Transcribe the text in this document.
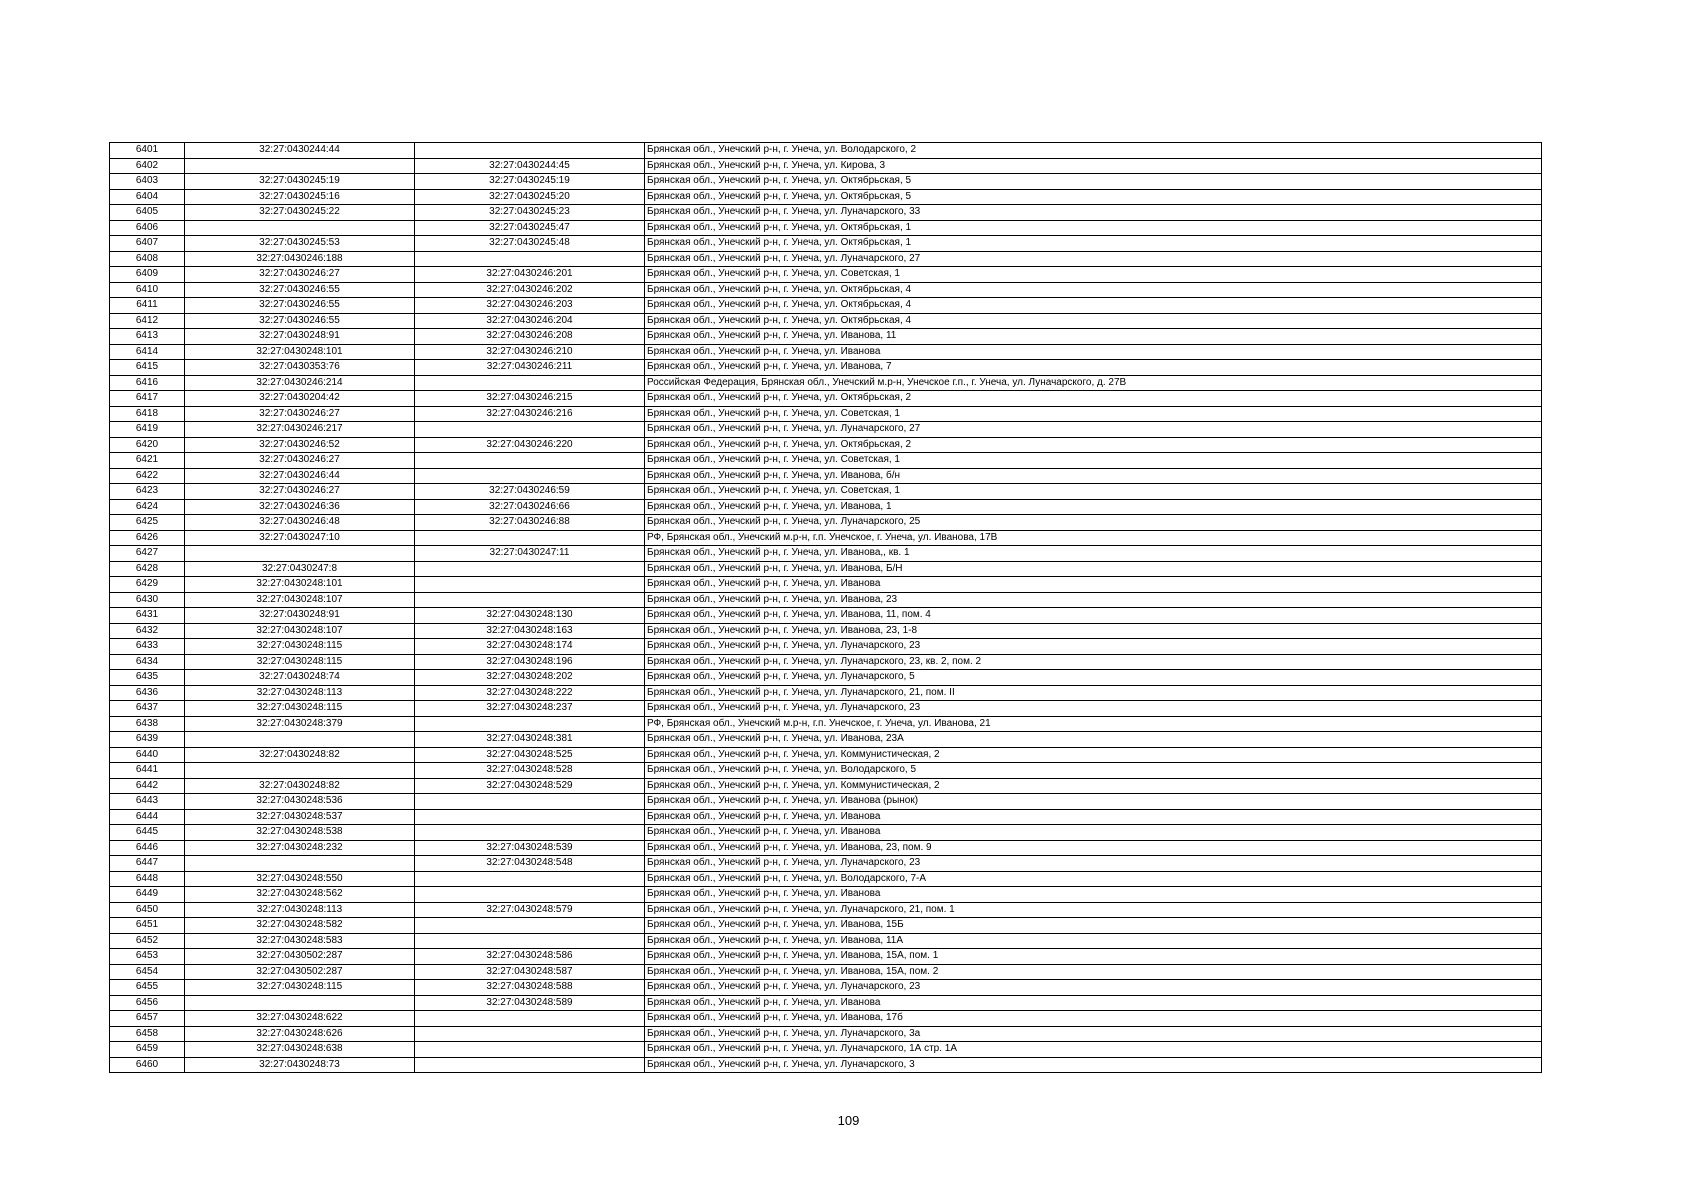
6401	32:27:0430244:44		Брянская обл., Унечский р-н, г. Унеча, ул. Володарского, 2
6402		32:27:0430244:45	Брянская обл., Унечский р-н, г. Унеча, ул. Кирова, 3
6403	32:27:0430245:19	32:27:0430245:19	Брянская обл., Унечский р-н, г. Унеча, ул. Октябрьская, 5
6404	32:27:0430245:16	32:27:0430245:20	Брянская обл., Унечский р-н, г. Унеча, ул. Октябрьская, 5
6405	32:27:0430245:22	32:27:0430245:23	Брянская обл., Унечский р-н, г. Унеча, ул. Луначарского, 33
6406		32:27:0430245:47	Брянская обл., Унечский р-н, г. Унеча, ул. Октябрьская, 1
6407	32:27:0430245:53	32:27:0430245:48	Брянская обл., Унечский р-н, г. Унеча, ул. Октябрьская, 1
6408	32:27:0430246:188		Брянская обл., Унечский р-н, г. Унеча, ул. Луначарского, 27
6409	32:27:0430246:27	32:27:0430246:201	Брянская обл., Унечский р-н, г. Унеча, ул. Советская, 1
6410	32:27:0430246:55	32:27:0430246:202	Брянская обл., Унечский р-н, г. Унеча, ул. Октябрьская, 4
6411	32:27:0430246:55	32:27:0430246:203	Брянская обл., Унечский р-н, г. Унеча, ул. Октябрьская, 4
6412	32:27:0430246:55	32:27:0430246:204	Брянская обл., Унечский р-н, г. Унеча, ул. Октябрьская, 4
6413	32:27:0430248:91	32:27:0430246:208	Брянская обл., Унечский р-н, г. Унеча, ул. Иванова, 11
6414	32:27:0430248:101	32:27:0430246:210	Брянская обл., Унечский р-н, г. Унеча, ул. Иванова
6415	32:27:0430353:76	32:27:0430246:211	Брянская обл., Унечский р-н, г. Унеча, ул. Иванова, 7
6416	32:27:0430246:214		Российская Федерация, Брянская обл., Унечский м.р-н, Унечское г.п., г. Унеча, ул. Луначарского, д. 27В
6417	32:27:0430204:42	32:27:0430246:215	Брянская обл., Унечский р-н, г. Унеча, ул. Октябрьская, 2
6418	32:27:0430246:27	32:27:0430246:216	Брянская обл., Унечский р-н, г. Унеча, ул. Советская, 1
6419	32:27:0430246:217		Брянская обл., Унечский р-н, г. Унеча, ул. Луначарского, 27
6420	32:27:0430246:52	32:27:0430246:220	Брянская обл., Унечский р-н, г. Унеча, ул. Октябрьская, 2
6421	32:27:0430246:27		Брянская обл., Унечский р-н, г. Унеча, ул. Советская, 1
6422	32:27:0430246:44		Брянская обл., Унечский р-н, г. Унеча, ул. Иванова, б/н
6423	32:27:0430246:27	32:27:0430246:59	Брянская обл., Унечский р-н, г. Унеча, ул. Советская, 1
6424	32:27:0430246:36	32:27:0430246:66	Брянская обл., Унечский р-н, г. Унеча, ул. Иванова, 1
6425	32:27:0430246:48	32:27:0430246:88	Брянская обл., Унечский р-н, г. Унеча, ул. Луначарского, 25
6426	32:27:0430247:10		РФ, Брянская обл., Унечский м.р-н, г.п. Унечское, г. Унеча, ул. Иванова, 17В
6427		32:27:0430247:11	Брянская обл., Унечский р-н, г. Унеча, ул. Иванова,, кв. 1
6428	32:27:0430247:8		Брянская обл., Унечский р-н, г. Унеча, ул. Иванова, Б/Н
6429	32:27:0430248:101		Брянская обл., Унечский р-н, г. Унеча, ул. Иванова
6430	32:27:0430248:107		Брянская обл., Унечский р-н, г. Унеча, ул. Иванова, 23
6431	32:27:0430248:91	32:27:0430248:130	Брянская обл., Унечский р-н, г. Унеча, ул. Иванова, 11, пом. 4
6432	32:27:0430248:107	32:27:0430248:163	Брянская обл., Унечский р-н, г. Унеча, ул. Иванова, 23, 1-8
6433	32:27:0430248:115	32:27:0430248:174	Брянская обл., Унечский р-н, г. Унеча, ул. Луначарского, 23
6434	32:27:0430248:115	32:27:0430248:196	Брянская обл., Унечский р-н, г. Унеча, ул. Луначарского, 23, кв. 2, пом. 2
6435	32:27:0430248:74	32:27:0430248:202	Брянская обл., Унечский р-н, г. Унеча, ул. Луначарского, 5
6436	32:27:0430248:113	32:27:0430248:222	Брянская обл., Унечский р-н, г. Унеча, ул. Луначарского, 21, пом. II
6437	32:27:0430248:115	32:27:0430248:237	Брянская обл., Унечский р-н, г. Унеча, ул. Луначарского, 23
6438	32:27:0430248:379		РФ, Брянская обл., Унечский м.р-н, г.п. Унечское, г. Унеча, ул. Иванова, 21
6439		32:27:0430248:381	Брянская обл., Унечский р-н, г. Унеча, ул. Иванова, 23А
6440	32:27:0430248:82	32:27:0430248:525	Брянская обл., Унечский р-н, г. Унеча, ул. Коммунистическая, 2
6441		32:27:0430248:528	Брянская обл., Унечский р-н, г. Унеча, ул. Володарского, 5
6442	32:27:0430248:82	32:27:0430248:529	Брянская обл., Унечский р-н, г. Унеча, ул. Коммунистическая, 2
6443	32:27:0430248:536		Брянская обл., Унечский р-н, г. Унеча, ул. Иванова (рынок)
6444	32:27:0430248:537		Брянская обл., Унечский р-н, г. Унеча, ул. Иванова
6445	32:27:0430248:538		Брянская обл., Унечский р-н, г. Унеча, ул. Иванова
6446	32:27:0430248:232	32:27:0430248:539	Брянская обл., Унечский р-н, г. Унеча, ул. Иванова, 23, пом. 9
6447		32:27:0430248:548	Брянская обл., Унечский р-н, г. Унеча, ул. Луначарского, 23
6448	32:27:0430248:550		Брянская обл., Унечский р-н, г. Унеча, ул. Володарского, 7-А
6449	32:27:0430248:562		Брянская обл., Унечский р-н, г. Унеча, ул. Иванова
6450	32:27:0430248:113	32:27:0430248:579	Брянская обл., Унечский р-н, г. Унеча, ул. Луначарского, 21, пом. 1
6451	32:27:0430248:582		Брянская обл., Унечский р-н, г. Унеча, ул. Иванова, 15Б
6452	32:27:0430248:583		Брянская обл., Унечский р-н, г. Унеча, ул. Иванова, 11А
6453	32:27:0430502:287	32:27:0430248:586	Брянская обл., Унечский р-н, г. Унеча, ул. Иванова, 15А, пом. 1
6454	32:27:0430502:287	32:27:0430248:587	Брянская обл., Унечский р-н, г. Унеча, ул. Иванова, 15А, пом. 2
6455	32:27:0430248:115	32:27:0430248:588	Брянская обл., Унечский р-н, г. Унеча, ул. Луначарского, 23
6456		32:27:0430248:589	Брянская обл., Унечский р-н, г. Унеча, ул. Иванова
6457	32:27:0430248:622		Брянская обл., Унечский р-н, г. Унеча, ул. Иванова, 17б
6458	32:27:0430248:626		Брянская обл., Унечский р-н, г. Унеча, ул. Луначарского, 3а
6459	32:27:0430248:638		Брянская обл., Унечский р-н, г. Унеча, ул. Луначарского, 1А стр. 1А
6460	32:27:0430248:73		Брянская обл., Унечский р-н, г. Унеча, ул. Луначарского, 3
109
